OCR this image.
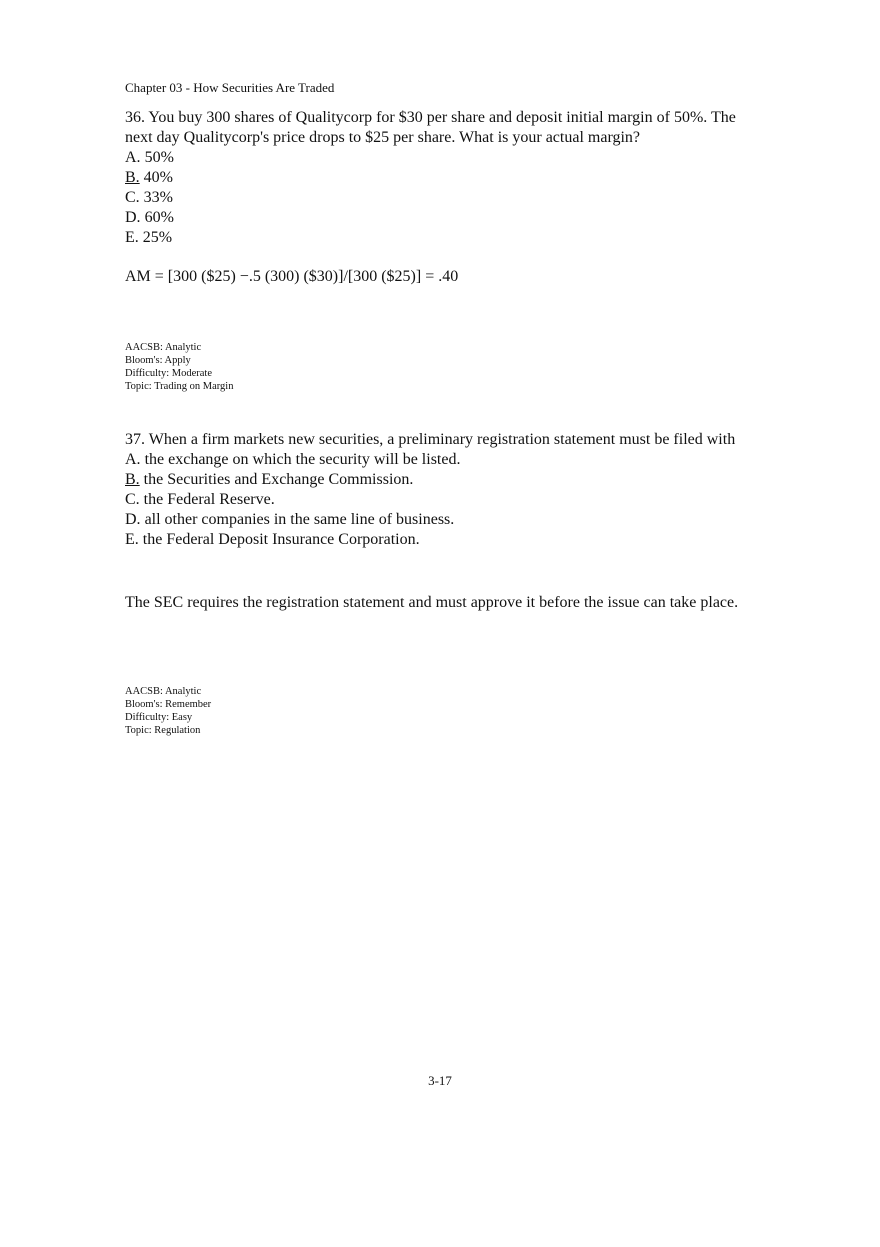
Chapter 03 - How Securities Are Traded

36. You buy 300 shares of Qualitycorp for $30 per share and deposit initial margin of 50%. The next day Qualitycorp's price drops to $25 per share. What is your actual margin?

A. 50%
B. 40%
C. 33%
D. 60%
E. 25%
AM = [300 ($25) −.5 (300) ($30)]/[300 ($25)] = .40
AACSB: Analytic
Bloom's: Apply
Difficulty: Moderate
Topic: Trading on Margin

37. When a firm markets new securities, a preliminary registration statement must be filed with

A. the exchange on which the security will be listed.
B. the Securities and Exchange Commission.
C. the Federal Reserve.
D. all other companies in the same line of business.
E. the Federal Deposit Insurance Corporation.
The SEC requires the registration statement and must approve it before the issue can take place.
AACSB: Analytic
Bloom's: Remember
Difficulty: Easy
Topic: Regulation
3-17
